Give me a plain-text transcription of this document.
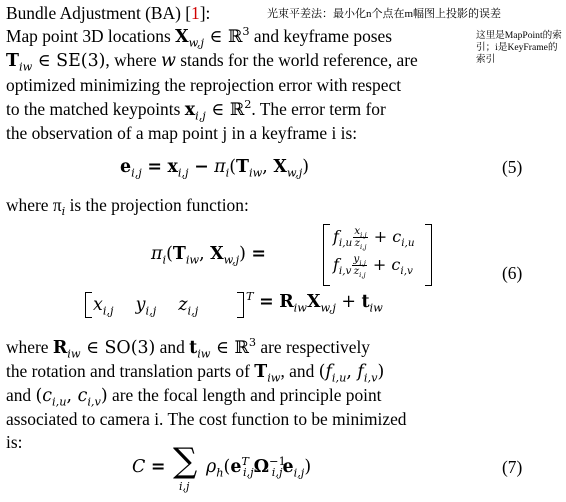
Bundle Adjustment (BA) [1]:	光束平差法：最小化n个点在m幅图上投影的误差
这里是MapPoint的索引；i是KeyFrame的索引
Map point 3D locations $X_{w,j}$ ∈ ℝ$^3$ and keyframe poses
$T_{iw}$ ∈ SE(3), where w stands for the world reference, are
optimized minimizing the reprojection error with respect
to the matched keypoints $x_{i,j}$ ∈ ℝ$^2$. The error term for
the observation of a map point j in a keyframe i is:
$e_{i,j} = x_{i,j} - \pi_i(T_{iw}$, $X_{w,j}$)	(5)
where $\pi_i$ is the projection function:
$\pi_i(T_{iw}$, $X_{w,j}$) =
$f_{i,u} \frac{x_{i,j}}{z_{i,j}} + c_{i,u}$
$f_{i,v} \frac{y_{i,j}}{z_{i,j}} + c_{i,v}$	(6)
$x_{i,j}$ $y_{i,j}$ $z_{i,j}$
$^T = R_{iw}X_{w,j} + t_{iw}$
where $R_{iw}$ ∈ SO(3) and $t_{iw}$ ∈ ℝ$^3$ are respectively
the rotation and translation parts of $T_{iw}$, and ($f_{i,u}$, $f_{i,v}$)
and ($c_{i,u}$, $c_{i,v}$) are the focal length and principle point
associated to camera i. The cost function to be minimized
is:
C = ∑
i,j
$\rho_h(e^T_{i,j}\Omega^{-1}_{i,j}e_{i,j})$	(7)
